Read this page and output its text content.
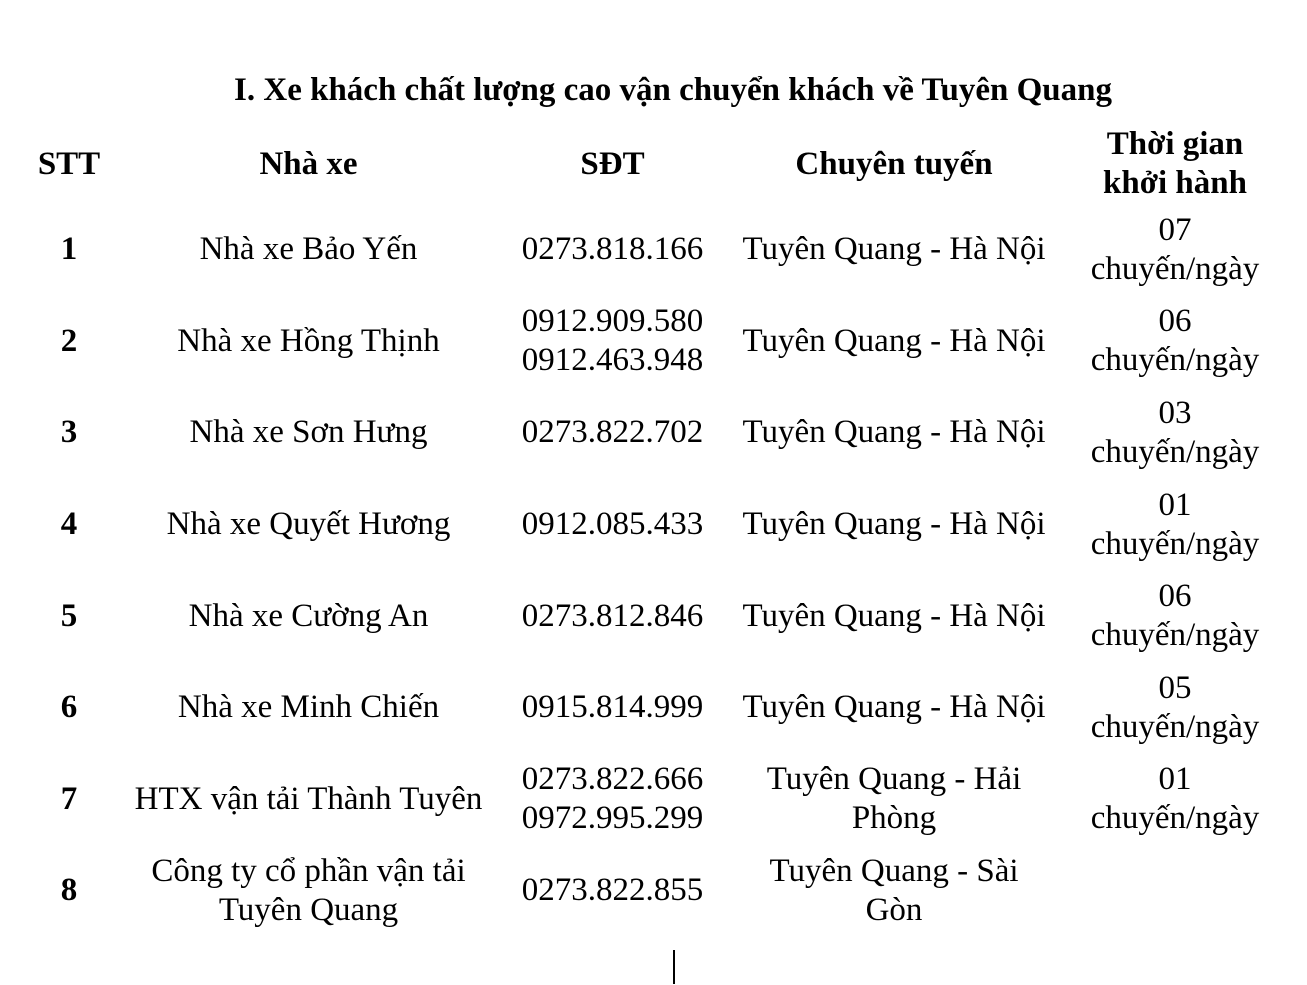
I. Xe khách chất lượng cao vận chuyển khách về Tuyên Quang
STT	Nhà xe	SĐT	Chuyên tuyến	Thời gian
khởi hành

1	Nhà xe Bảo Yến	0273.818.166	Tuyên Quang - Hà Nội	07
chuyến/ngày

2	Nhà xe Hồng Thịnh	0912.909.580
0912.463.948	Tuyên Quang - Hà Nội	06
chuyến/ngày

3	Nhà xe Sơn Hưng	0273.822.702	Tuyên Quang - Hà Nội	03
chuyến/ngày

4	Nhà xe Quyết Hương	0912.085.433	Tuyên Quang - Hà Nội	01
chuyến/ngày

5	Nhà xe Cường An	0273.812.846	Tuyên Quang - Hà Nội	06
chuyến/ngày

6	Nhà xe Minh Chiến	0915.814.999	Tuyên Quang - Hà Nội	05
chuyến/ngày

7	HTX vận tải Thành Tuyên	0273.822.666
0972.995.299	Tuyên Quang - Hải
Phòng	01
chuyến/ngày

8	Công ty cổ phần vận tải
Tuyên Quang	0273.822.855	Tuyên Quang - Sài
Gòn	
